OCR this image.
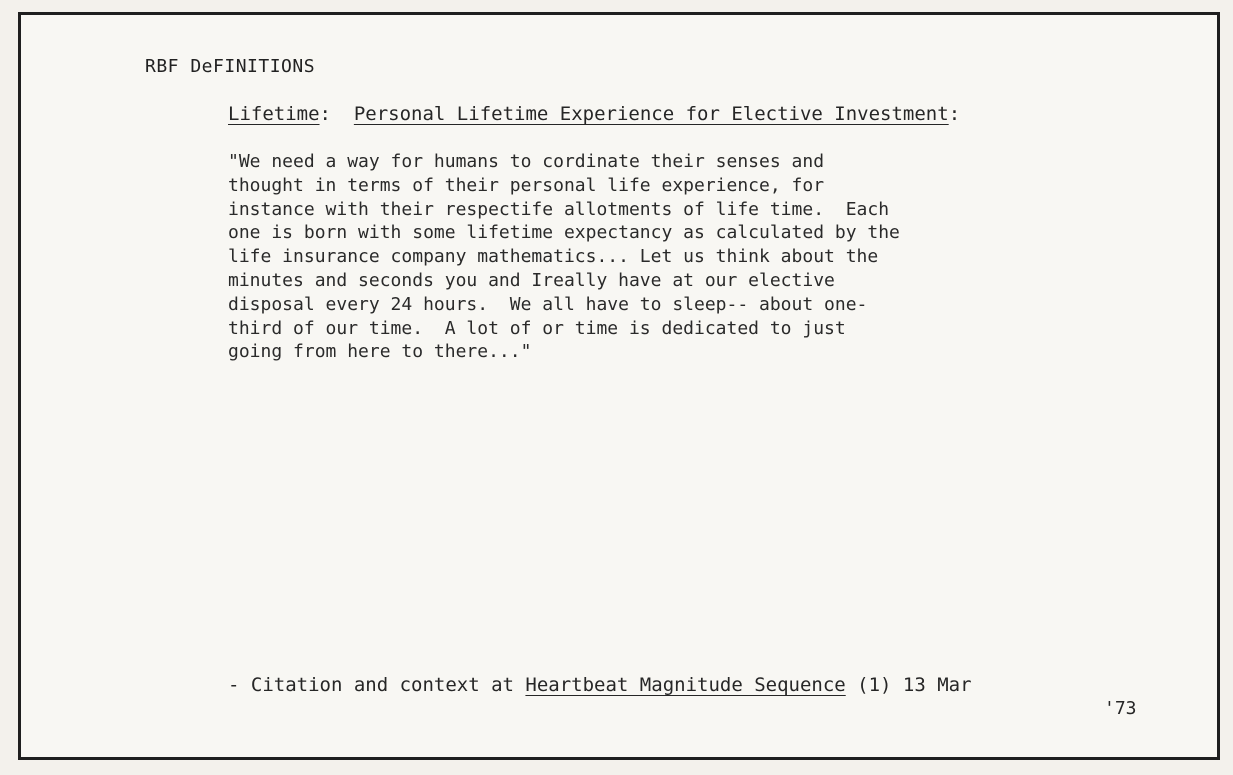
RBF DeFINITIONS
Lifetime: Personal Lifetime Experience for Elective Investment:
"We need a way for humans to cordinate their senses and
thought in terms of their personal life experience, for
instance with their respectife allotments of life time.  Each
one is born with some lifetime expectancy as calculated by the
life insurance company mathematics... Let us think about the
minutes and seconds you and Ireally have at our elective
disposal every 24 hours.  We all have to sleep-- about one-
third of our time.  A lot of or time is dedicated to just
going from here to there..."
- Citation and context at Heartbeat Magnitude Sequence (1) 13 Mar
'73
